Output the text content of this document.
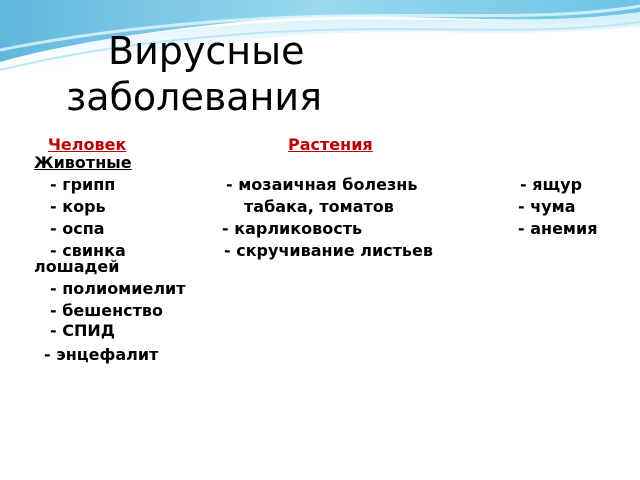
Вирусные
заболевания
Человек	Растения
Животные
- грипп	- мозаичная болезнь	- ящур
- корь	табака, томатов	- чума
- оспа	- карликовость	- анемия
- свинка	- скручивание листьев
лошадей
- полиомиелит
- бешенство
- СПИД
- энцефалит
